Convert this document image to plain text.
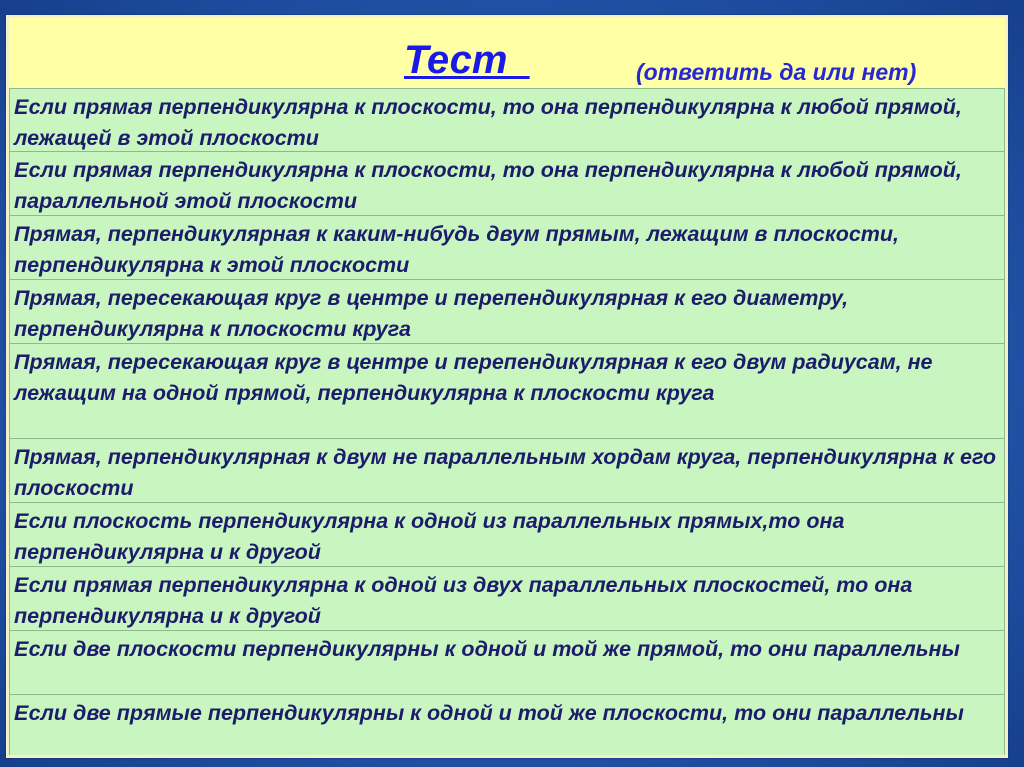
Тест	(ответить да или нет)
Если прямая перпендикулярна к плоскости, то она перпендикулярна к любой прямой, лежащей в этой плоскости
Если прямая перпендикулярна к плоскости, то она перпендикулярна к любой прямой, параллельной этой плоскости
Прямая, перпендикулярная к каким-нибудь двум прямым, лежащим в плоскости, перпендикулярна к этой плоскости
Прямая, пересекающая круг в центре и перепендикулярная к его диаметру, перпендикулярна к плоскости круга
Прямая, пересекающая круг в центре и перепендикулярная к его двум радиусам, не лежащим на одной прямой, перпендикулярна к плоскости круга
Прямая, перпендикулярная к двум не параллельным хордам круга, перпендикулярна к его плоскости
Если плоскость перпендикулярна к одной из параллельных прямых,то она перпендикулярна и к другой
Если прямая перпендикулярна к одной из двух параллельных плоскостей, то она перпендикулярна и к другой
Если две плоскости перпендикулярны к одной и той же прямой, то они параллельны
Если две прямые перпендикулярны к одной и той же плоскости, то они параллельны
